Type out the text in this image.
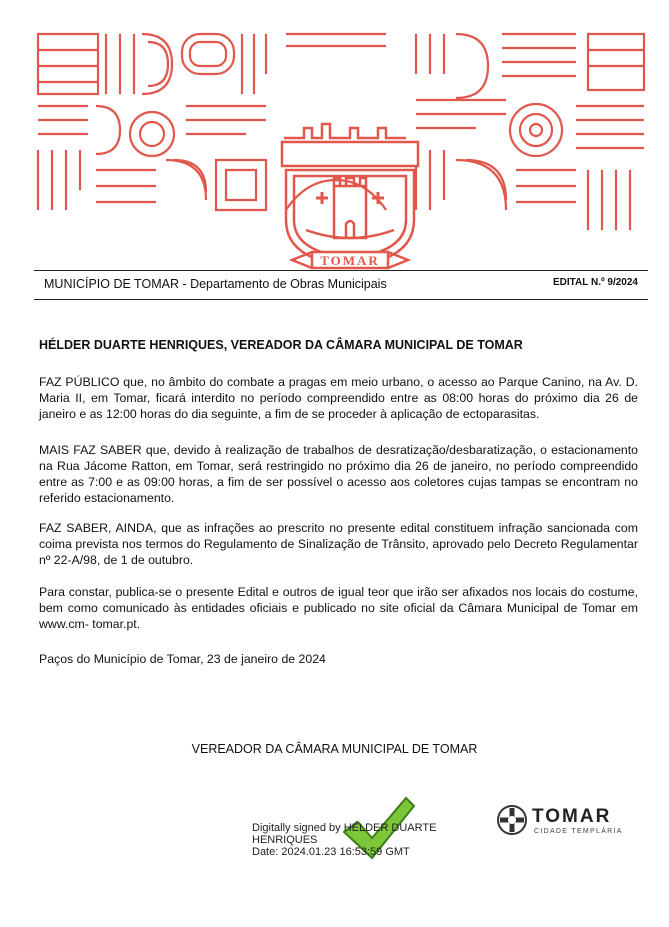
TOMAR
MUNICÍPIO DE TOMAR - Departamento de Obras Municipais	EDITAL N.º 9/2024
HÉLDER DUARTE HENRIQUES, VEREADOR DA CÂMARA MUNICIPAL DE TOMAR
FAZ PÚBLICO que, no âmbito do combate a pragas em meio urbano, o acesso ao Parque Canino, na Av. D. Maria II, em Tomar, ficará interdito no período compreendido entre as 08:00 horas do próximo dia 26 de janeiro e as 12:00 horas do dia seguinte, a fim de se proceder à aplicação de ectoparasitas.
MAIS FAZ SABER que, devido à realização de trabalhos de desratização/desbaratização, o estacionamento na Rua Jácome Ratton, em Tomar, será restringido no próximo dia 26 de janeiro, no período compreendido entre as 7:00 e as 09:00 horas, a fim de ser possível o acesso aos coletores cujas tampas se encontram no referido estacionamento.
FAZ SABER, AINDA, que as infrações ao prescrito no presente edital constituem infração sancionada com coima prevista nos termos do Regulamento de Sinalização de Trânsito, aprovado pelo Decreto Regulamentar nº 22-A/98, de 1 de outubro.
Para constar, publica-se o presente Edital e outros de igual teor que irão ser afixados nos locais do costume, bem como comunicado às entidades oficiais e publicado no site oficial da Câmara Municipal de Tomar em www.cm- tomar.pt.
Paços do Município de Tomar, 23 de janeiro de 2024
VEREADOR DA CÂMARA MUNICIPAL DE TOMAR
Digitally signed by HÉLDER DUARTE
HENRIQUES
Date: 2024.01.23 16:53:59 GMT
TOMAR
CIDADE TEMPLÁRIA
